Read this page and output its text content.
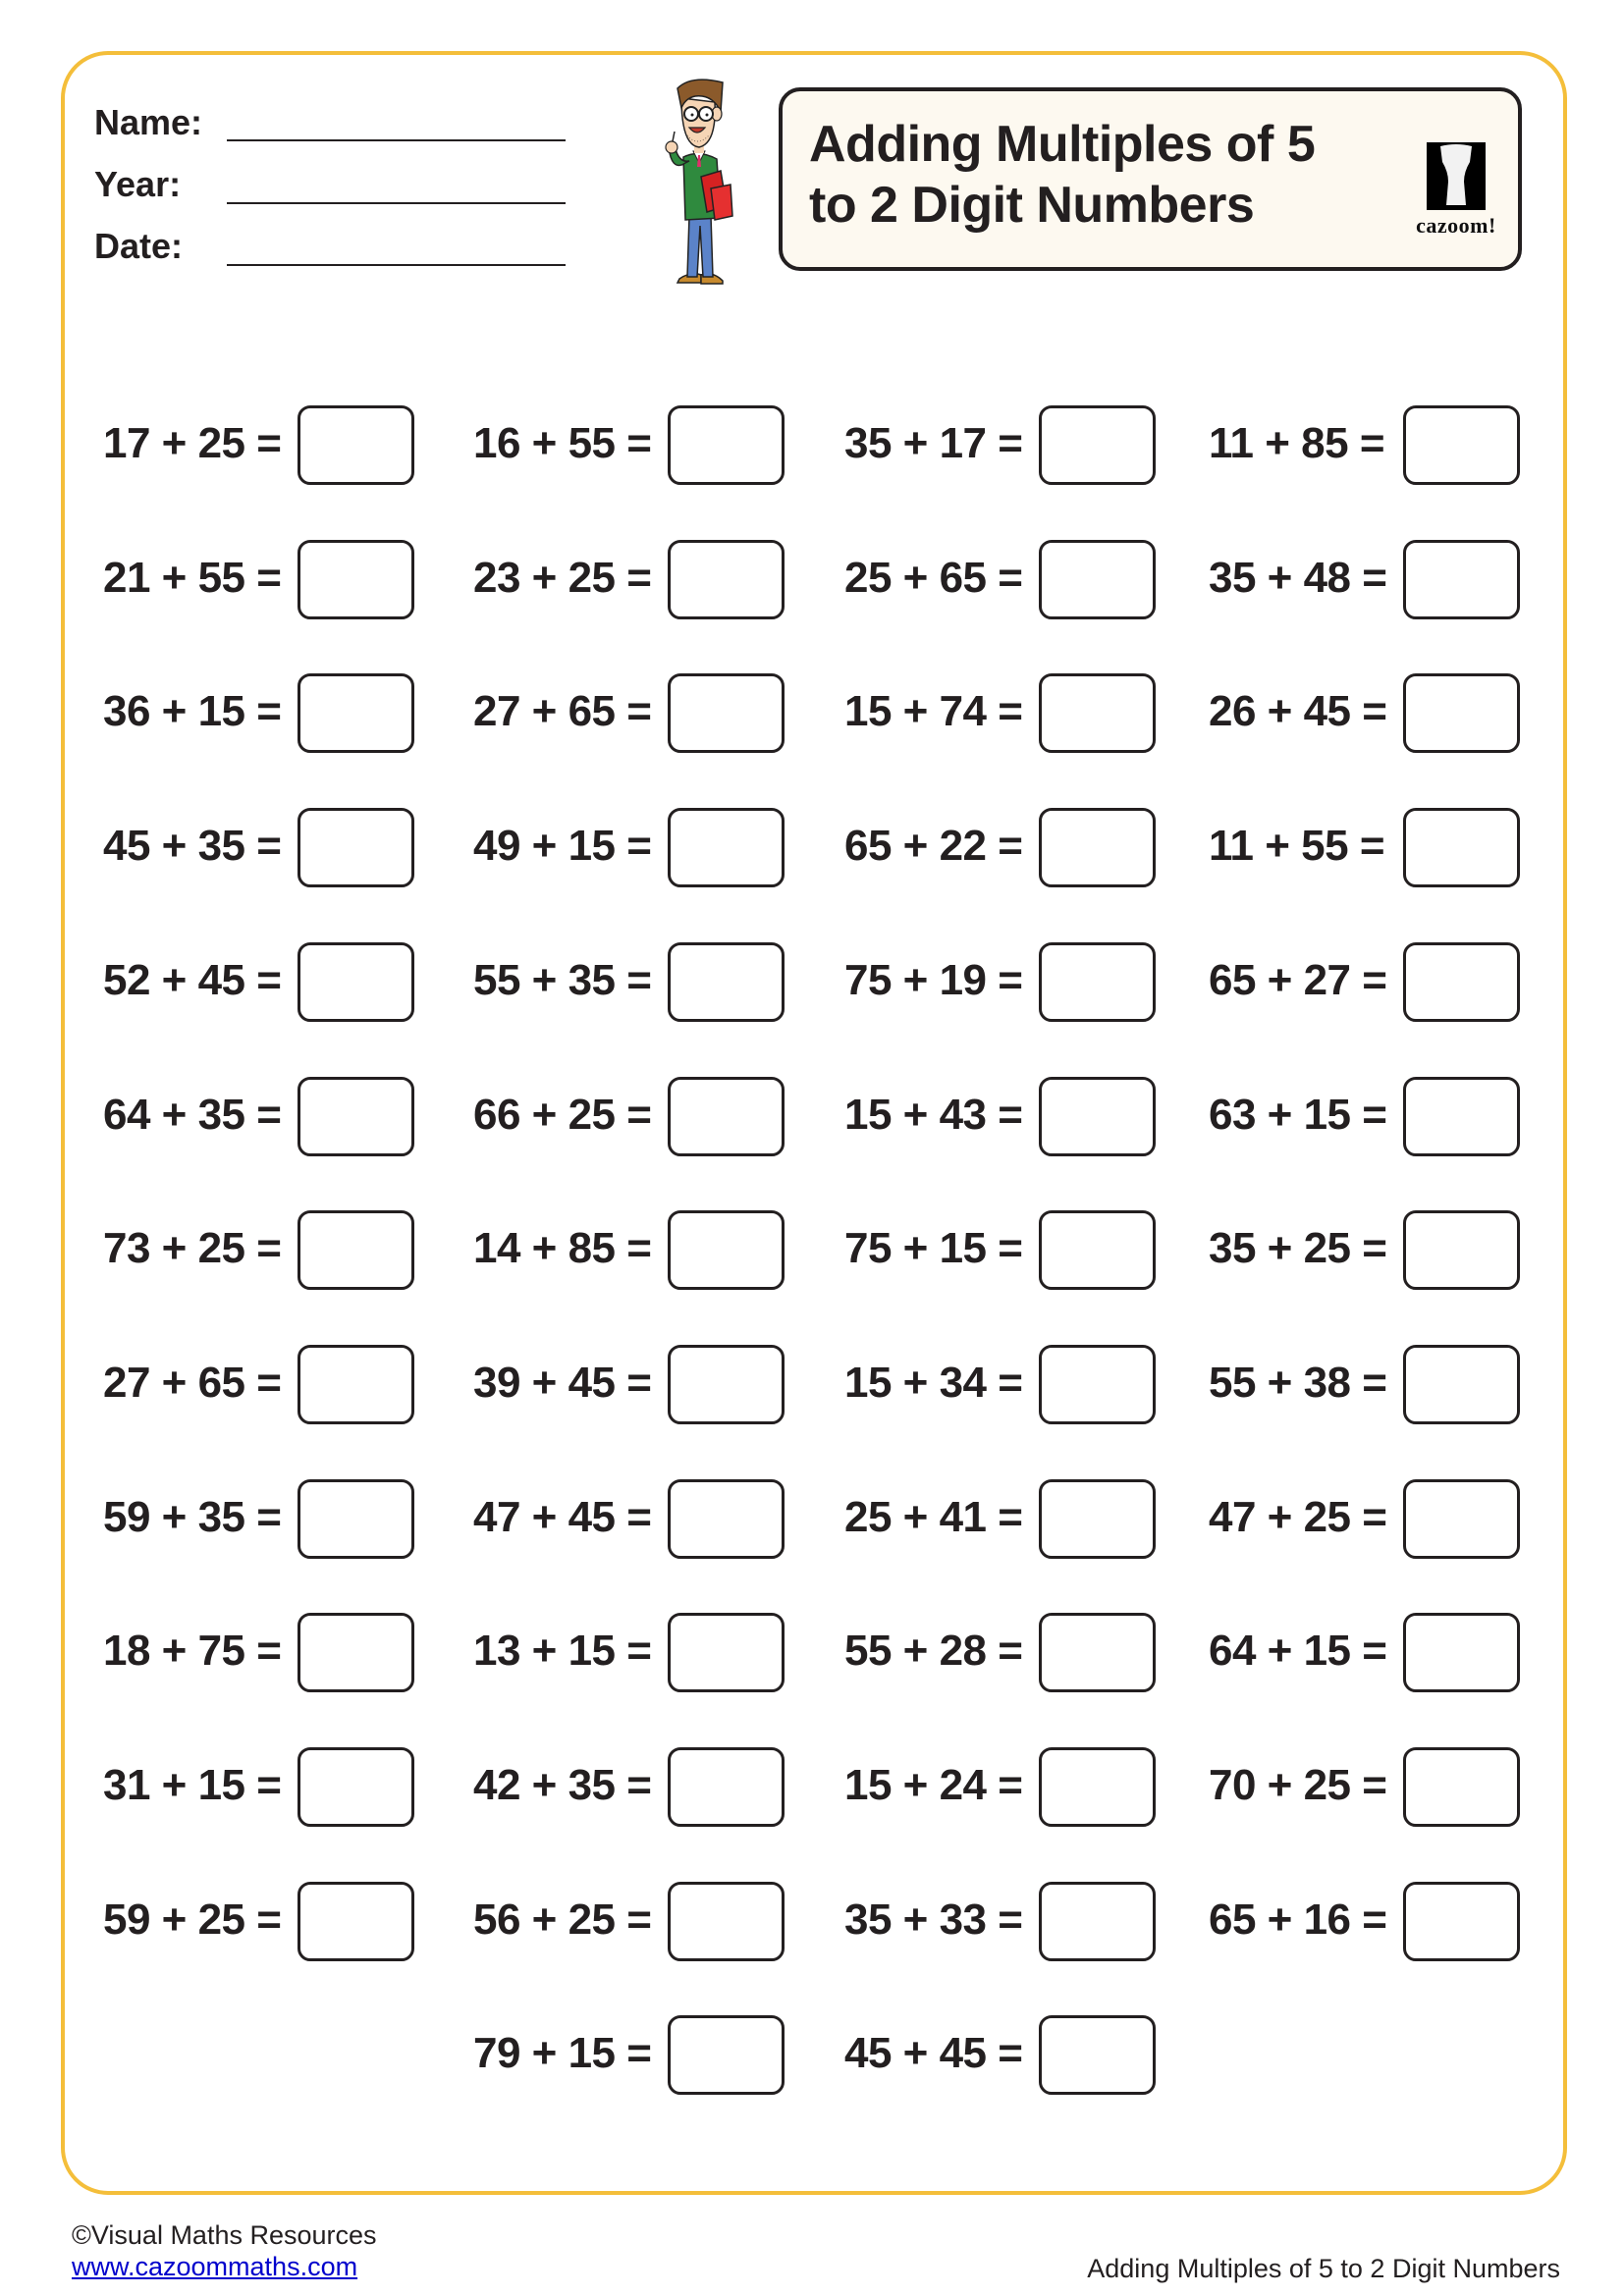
Name:
Year:
Date:
Adding Multiples of 5
to 2 Digit Numbers	cazoom!
17 + 25 =	16 + 55 =	35 + 17 =	11 + 85 =
21 + 55 =	23 + 25 =	25 + 65 =	35 + 48 =
36 + 15 =	27 + 65 =	15 + 74 =	26 + 45 =
45 + 35 =	49 + 15 =	65 + 22 =	11 + 55 =
52 + 45 =	55 + 35 =	75 + 19 =	65 + 27 =
64 + 35 =	66 + 25 =	15 + 43 =	63 + 15 =
73 + 25 =	14 + 85 =	75 + 15 =	35 + 25 =
27 + 65 =	39 + 45 =	15 + 34 =	55 + 38 =
59 + 35 =	47 + 45 =	25 + 41 =	47 + 25 =
18 + 75 =	13 + 15 =	55 + 28 =	64 + 15 =
31 + 15 =	42 + 35 =	15 + 24 =	70 + 25 =
59 + 25 =	56 + 25 =	35 + 33 =	65 + 16 =
79 + 15 =	45 + 45 =
©Visual Maths Resources
www.cazoommaths.com	Adding Multiples of 5 to 2 Digit Numbers
